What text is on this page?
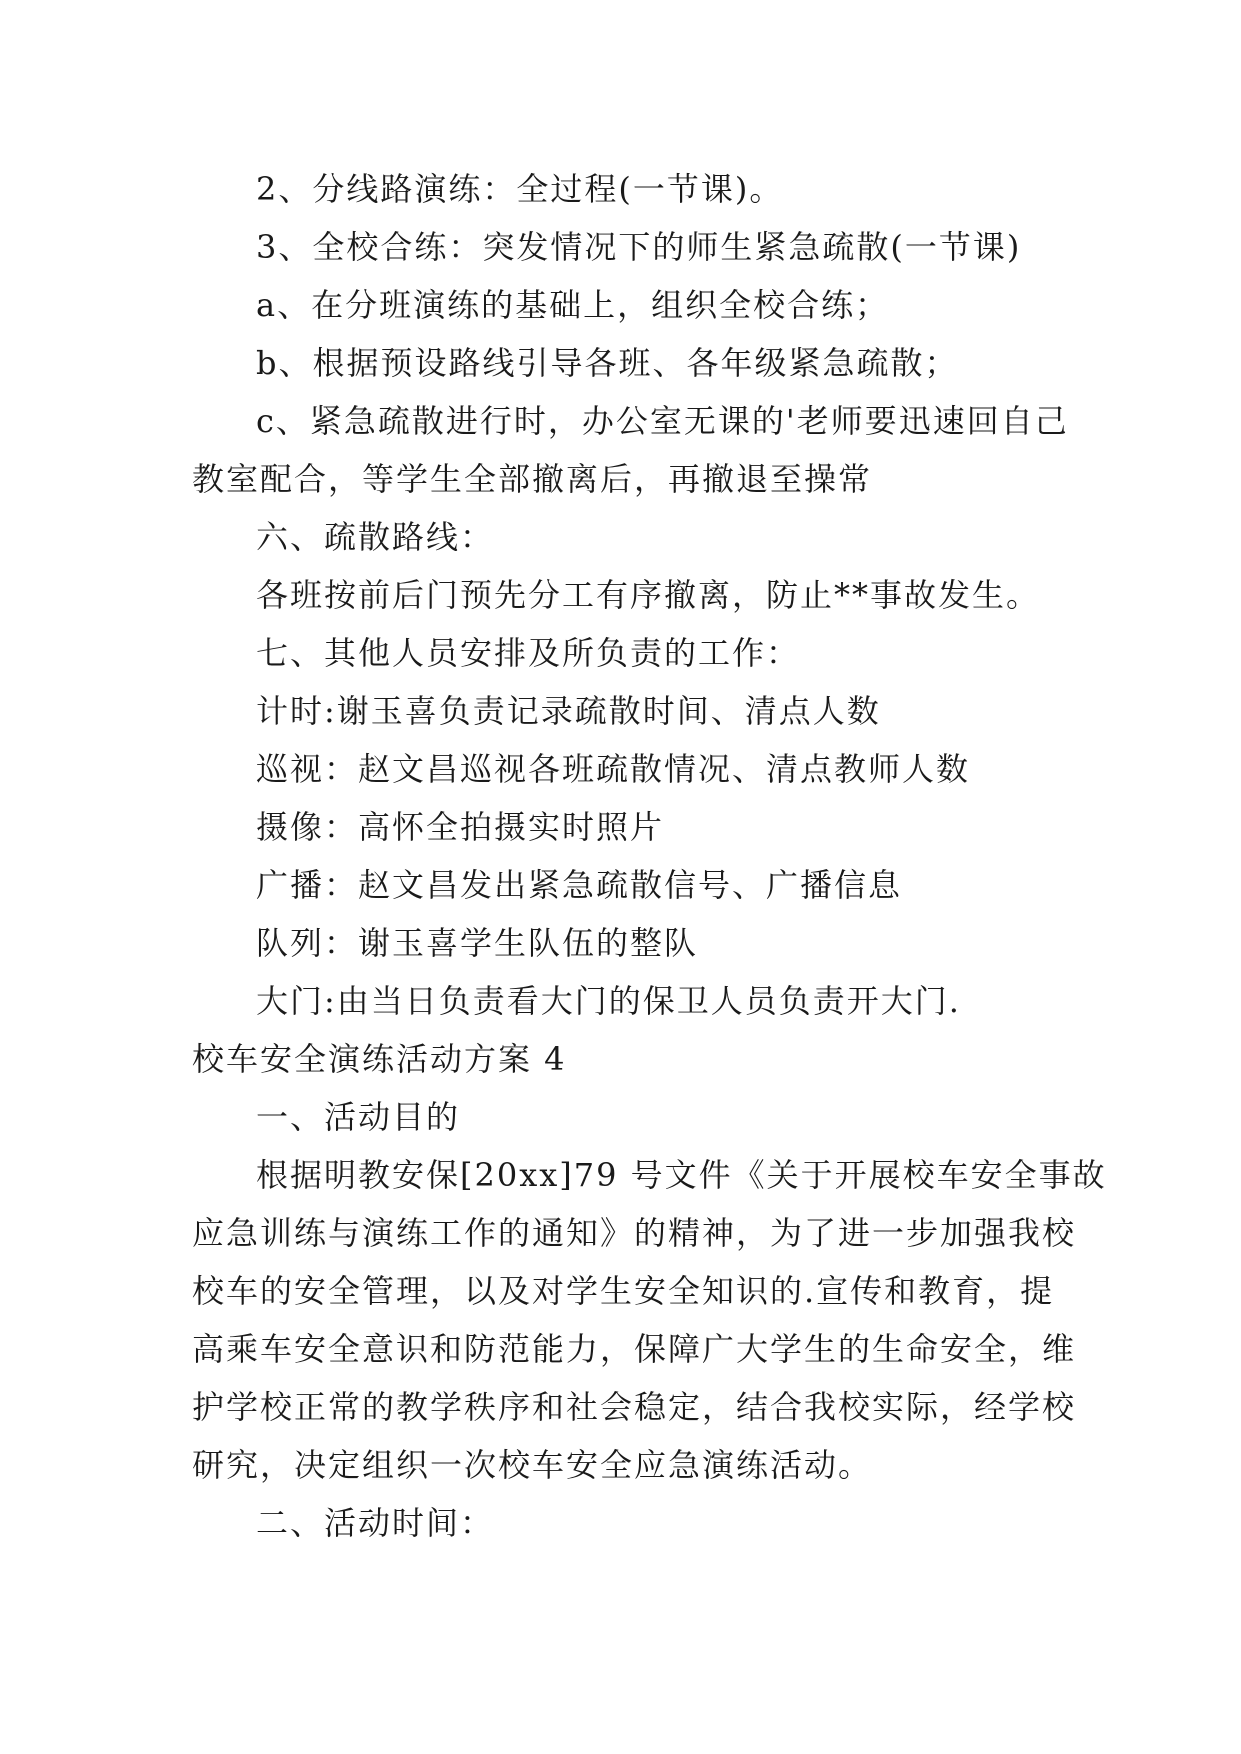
2、分线路演练：全过程(一节课)。
3、全校合练：突发情况下的师生紧急疏散(一节课)
a、在分班演练的基础上，组织全校合练；
b、根据预设路线引导各班、各年级紧急疏散；
c、紧急疏散进行时，办公室无课的'老师要迅速回自己
教室配合，等学生全部撤离后，再撤退至操常
六、疏散路线：
各班按前后门预先分工有序撤离，防止**事故发生。
七、其他人员安排及所负责的工作：
计时:谢玉喜负责记录疏散时间、清点人数
巡视：赵文昌巡视各班疏散情况、清点教师人数
摄像：高怀全拍摄实时照片
广播：赵文昌发出紧急疏散信号、广播信息
队列：谢玉喜学生队伍的整队
大门:由当日负责看大门的保卫人员负责开大门.
校车安全演练活动方案 4
一、活动目的
根据明教安保[20xx]79 号文件《关于开展校车安全事故
应急训练与演练工作的通知》的精神，为了进一步加强我校
校车的安全管理，以及对学生安全知识的.宣传和教育，提
高乘车安全意识和防范能力，保障广大学生的生命安全，维
护学校正常的教学秩序和社会稳定，结合我校实际，经学校
研究，决定组织一次校车安全应急演练活动。
二、活动时间：
